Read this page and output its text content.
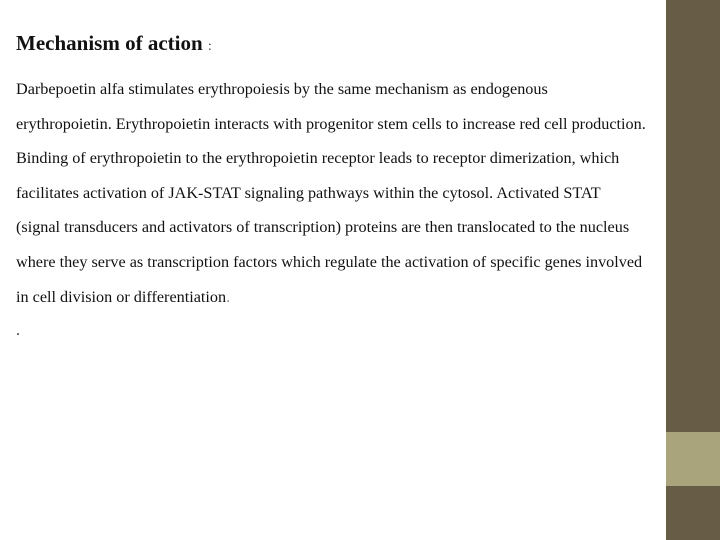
Mechanism of action :

Darbepoetin alfa stimulates erythropoiesis by the same mechanism as endogenous erythropoietin. Erythropoietin interacts with progenitor stem cells to increase red cell production. Binding of erythropoietin to the erythropoietin receptor leads to receptor dimerization, which facilitates activation of JAK-STAT signaling pathways within the cytosol. Activated STAT (signal transducers and activators of transcription) proteins are then translocated to the nucleus where they serve as transcription factors which regulate the activation of specific genes involved in cell division or differentiation.

.
